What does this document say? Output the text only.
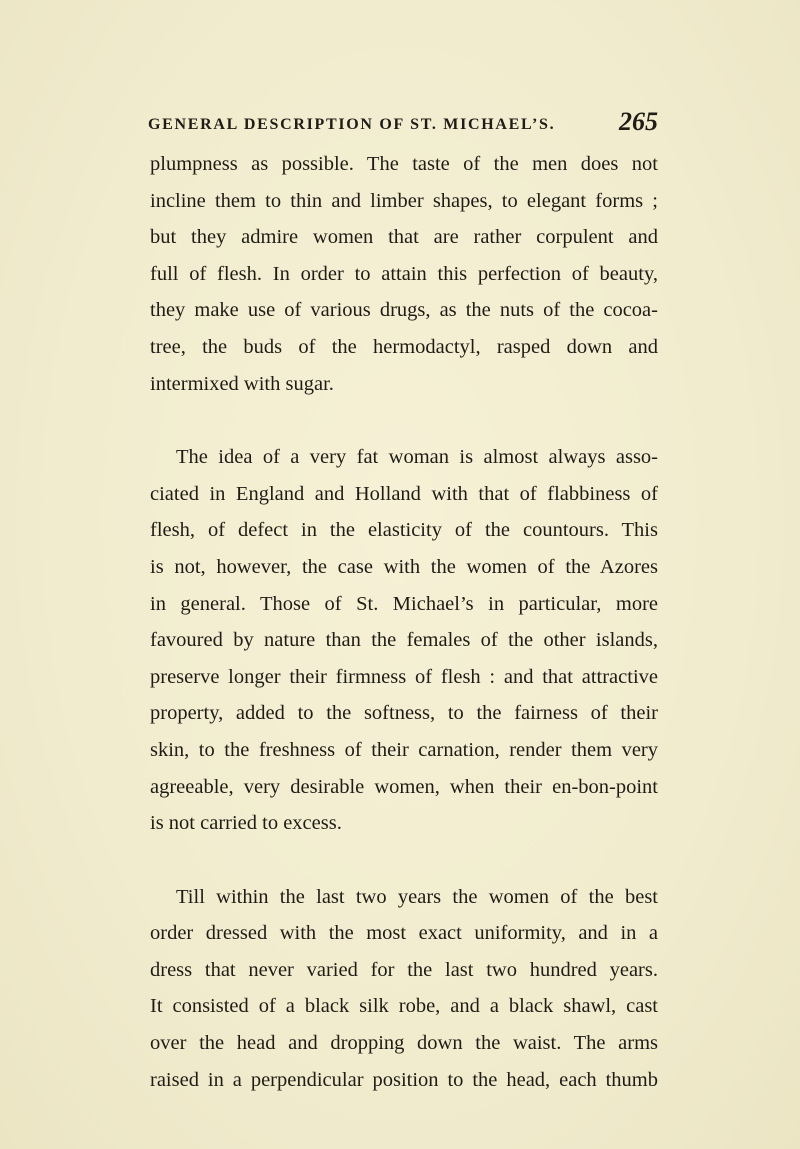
GENERAL DESCRIPTION OF ST. MICHAEL’S. 265
plumpness as possible. The taste of the men does not
incline them to thin and limber shapes, to elegant forms ;
but they admire women that are rather corpulent and
full of flesh. In order to attain this perfection of beauty,
they make use of various drugs, as the nuts of the cocoa-
tree, the buds of the hermodactyl, rasped down and
intermixed with sugar.
The idea of a very fat woman is almost always asso-
ciated in England and Holland with that of flabbiness of
flesh, of defect in the elasticity of the countours. This
is not, however, the case with the women of the Azores
in general. Those of St. Michael’s in particular, more
favoured by nature than the females of the other islands,
preserve longer their firmness of flesh : and that attractive
property, added to the softness, to the fairness of their
skin, to the freshness of their carnation, render them very
agreeable, very desirable women, when their en-bon-point
is not carried to excess.
Till within the last two years the women of the best
order dressed with the most exact uniformity, and in a
dress that never varied for the last two hundred years.
It consisted of a black silk robe, and a black shawl, cast
over the head and dropping down the waist. The arms
raised in a perpendicular position to the head, each thumb
